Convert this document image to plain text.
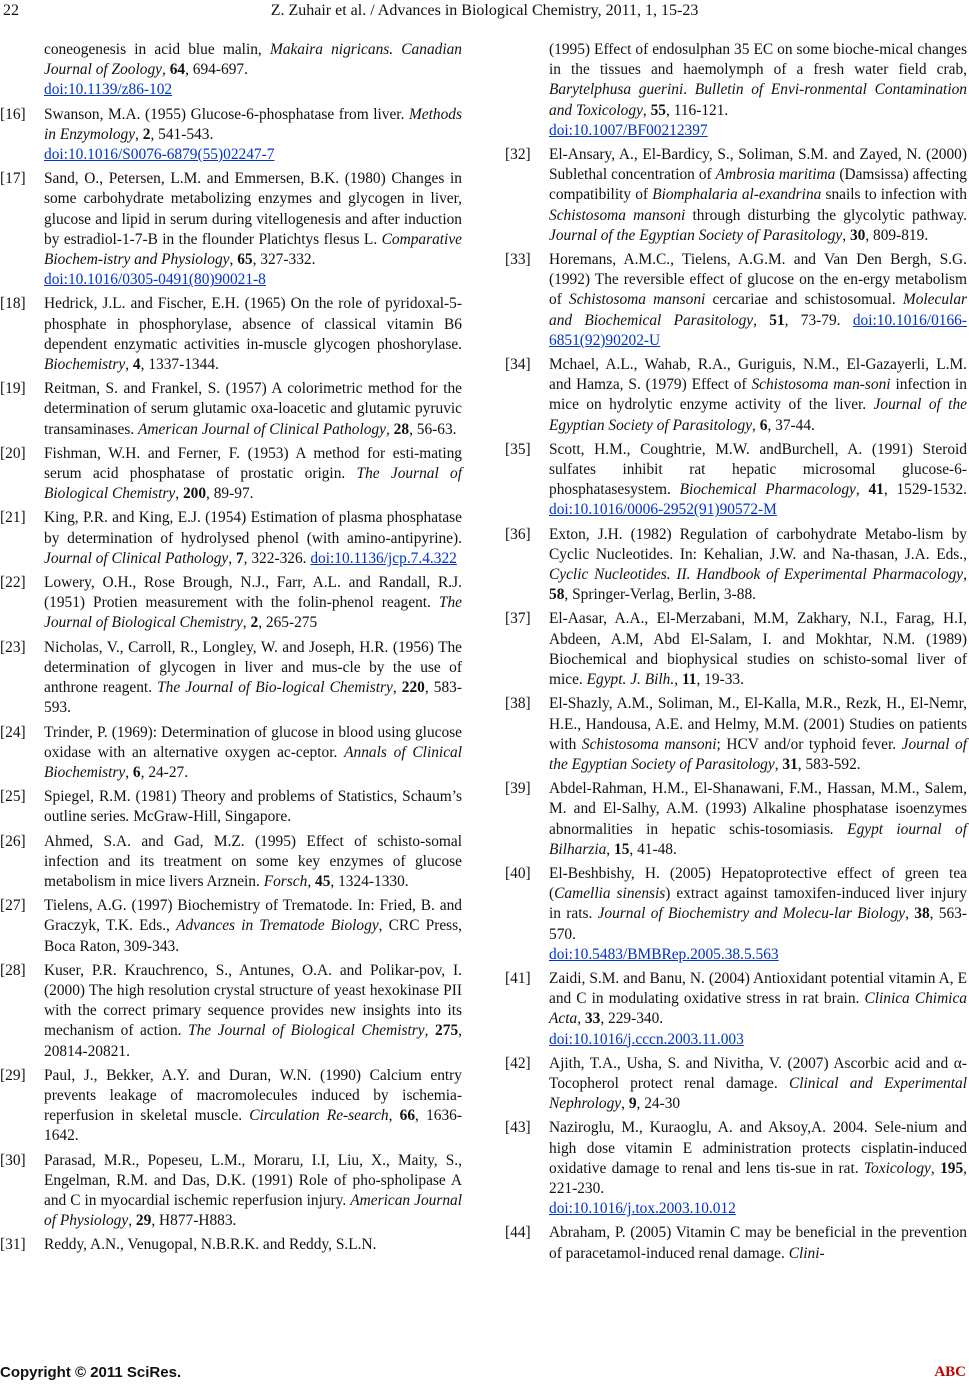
22	Z. Zuhair et al. / Advances in Biological Chemistry, 2011, 1, 15-23
coneogenesis in acid blue malin, Makaira nigricans. Canadian Journal of Zoology, 64, 694-697.
doi:10.1139/z86-102
[16] Swanson, M.A. (1955) Glucose-6-phosphatase from liver. Methods in Enzymology, 2, 541-543.
doi:10.1016/S0076-6879(55)02247-7
[17] Sand, O., Petersen, L.M. and Emmersen, B.K. (1980) Changes in some carbohydrate metabolizing enzymes and glycogen in liver, glucose and lipid in serum during vitellogenesis and after induction by estradiol-1-7-B in the flounder Platichtys flesus L. Comparative Biochem-istry and Physiology, 65, 327-332.
doi:10.1016/0305-0491(80)90021-8
[18] Hedrick, J.L. and Fischer, E.H. (1965) On the role of pyridoxal-5-phosphate in phosphorylase, absence of classical vitamin B6 dependent enzymatic activities in-muscle glycogen phoshorylase. Biochemistry, 4, 1337-1344.
[19] Reitman, S. and Frankel, S. (1957) A colorimetric method for the determination of serum glutamic oxa-loacetic and glutamic pyruvic transaminases. American Journal of Clinical Pathology, 28, 56-63.
[20] Fishman, W.H. and Ferner, F. (1953) A method for esti-mating serum acid phosphatase of prostatic origin. The Journal of Biological Chemistry, 200, 89-97.
[21] King, P.R. and King, E.J. (1954) Estimation of plasma phosphatase by determination of hydrolysed phenol (with amino-antipyrine). Journal of Clinical Pathology, 7, 322-326. doi:10.1136/jcp.7.4.322
[22] Lowery, O.H., Rose Brough, N.J., Farr, A.L. and Randall, R.J. (1951) Protien measurement with the folin-phenol reagent. The Journal of Biological Chemistry, 2, 265-275
[23] Nicholas, V., Carroll, R., Longley, W. and Joseph, H.R. (1956) The determination of glycogen in liver and mus-cle by the use of anthrone reagent. The Journal of Bio-logical Chemistry, 220, 583-593.
[24] Trinder, P. (1969): Determination of glucose in blood using glucose oxidase with an alternative oxygen ac-ceptor. Annals of Clinical Biochemistry, 6, 24-27.
[25] Spiegel, R.M. (1981) Theory and problems of Statistics, Schaum’s outline series. McGraw-Hill, Singapore.
[26] Ahmed, S.A. and Gad, M.Z. (1995) Effect of schisto-somal infection and its treatment on some key enzymes of glucose metabolism in mice livers Arznein. Forsch, 45, 1324-1330.
[27] Tielens, A.G. (1997) Biochemistry of Trematode. In: Fried, B. and Graczyk, T.K. Eds., Advances in Trematode Biology, CRC Press, Boca Raton, 309-343.
[28] Kuser, P.R. Krauchrenco, S., Antunes, O.A. and Polikar-pov, I. (2000) The high resolution crystal structure of yeast hexokinase PII with the correct primary sequence provides new insights into its mechanism of action. The Journal of Biological Chemistry, 275, 20814-20821.
[29] Paul, J., Bekker, A.Y. and Duran, W.N. (1990) Calcium entry prevents leakage of macromolecules induced by ischemia-reperfusion in skeletal muscle. Circulation Re-search, 66, 1636-1642.
[30] Parasad, M.R., Popeseu, L.M., Moraru, I.I, Liu, X., Maity, S., Engelman, R.M. and Das, D.K. (1991) Role of pho-spholipase A and C in myocardial ischemic reperfusion injury. American Journal of Physiology, 29, H877-H883.
[31] Reddy, A.N., Venugopal, N.B.R.K. and Reddy, S.L.N.
(1995) Effect of endosulphan 35 EC on some bioche-mical changes in the tissues and haemolymph of a fresh water field crab, Barytelphusa guerini. Bulletin of Envi-ronmental Contamination and Toxicology, 55, 116-121.
doi:10.1007/BF00212397
[32] El-Ansary, A., El-Bardicy, S., Soliman, S.M. and Zayed, N. (2000) Sublethal concentration of Ambrosia maritima (Damsissa) affecting compatibility of Biomphalaria al-exandrina snails to infection with Schistosoma mansoni through disturbing the glycolytic pathway. Journal of the Egyptian Society of Parasitology, 30, 809-819.
[33] Horemans, A.M.C., Tielens, A.G.M. and Van Den Bergh, S.G. (1992) The reversible effect of glucose on the en-ergy metabolism of Schistosoma mansoni cercariae and schistosomual. Molecular and Biochemical Parasitology, 51, 73-79. doi:10.1016/0166-6851(92)90202-U
[34] Mchael, A.L., Wahab, R.A., Guriguis, N.M., El-Gazayerli, L.M. and Hamza, S. (1979) Effect of Schistosoma man-soni infection in mice on hydrolytic enzyme activity of the liver. Journal of the Egyptian Society of Parasitology, 6, 37-44.
[35] Scott, H.M., Coughtrie, M.W. andBurchell, A. (1991) Steroid sulfates inhibit rat hepatic microsomal glucose-6-phosphatasesystem. Biochemical Pharmacology, 41, 1529-1532. doi:10.1016/0006-2952(91)90572-M
[36] Exton, J.H. (1982) Regulation of carbohydrate Metabo-lism by Cyclic Nucleotides. In: Kehalian, J.W. and Na-thasan, J.A. Eds., Cyclic Nucleotides. II. Handbook of Experimental Pharmacology, 58, Springer-Verlag, Berlin, 3-88.
[37] El-Aasar, A.A., El-Merzabani, M.M, Zakhary, N.I., Farag, H.I, Abdeen, A.M, Abd El-Salam, I. and Mokhtar, N.M. (1989) Biochemical and biophysical studies on schisto-somal liver of mice. Egypt. J. Bilh., 11, 19-33.
[38] El-Shazly, A.M., Soliman, M., El-Kalla, M.R., Rezk, H., El-Nemr, H.E., Handousa, A.E. and Helmy, M.M. (2001) Studies on patients with Schistosoma mansoni; HCV and/or typhoid fever. Journal of the Egyptian Society of Parasitology, 31, 583-592.
[39] Abdel-Rahman, H.M., El-Shanawani, F.M., Hassan, M.M., Salem, M. and El-Salhy, A.M. (1993) Alkaline phosphatase isoenzymes abnormalities in hepatic schis-tosomiasis. Egypt iournal of Bilharzia, 15, 41-48.
[40] El-Beshbishy, H. (2005) Hepatoprotective effect of green tea (Camellia sinensis) extract against tamoxifen-induced liver injury in rats. Journal of Biochemistry and Molecu-lar Biology, 38, 563-570.
doi:10.5483/BMBRep.2005.38.5.563
[41] Zaidi, S.M. and Banu, N. (2004) Antioxidant potential vitamin A, E and C in modulating oxidative stress in rat brain. Clinica Chimica Acta, 33, 229-340.
doi:10.1016/j.cccn.2003.11.003
[42] Ajith, T.A., Usha, S. and Nivitha, V. (2007) Ascorbic acid and α-Tocopherol protect renal damage. Clinical and Experimental Nephrology, 9, 24-30
[43] Naziroglu, M., Kuraoglu, A. and Aksoy,A. 2004. Sele-nium and high dose vitamin E administration protects cisplatin-induced oxidative damage to renal and lens tis-sue in rat. Toxicology, 195, 221-230.
doi:10.1016/j.tox.2003.10.012
[44] Abraham, P. (2005) Vitamin C may be beneficial in the prevention of paracetamol-induced renal damage. Clini-
Copyright © 2011 SciRes.	ABC
